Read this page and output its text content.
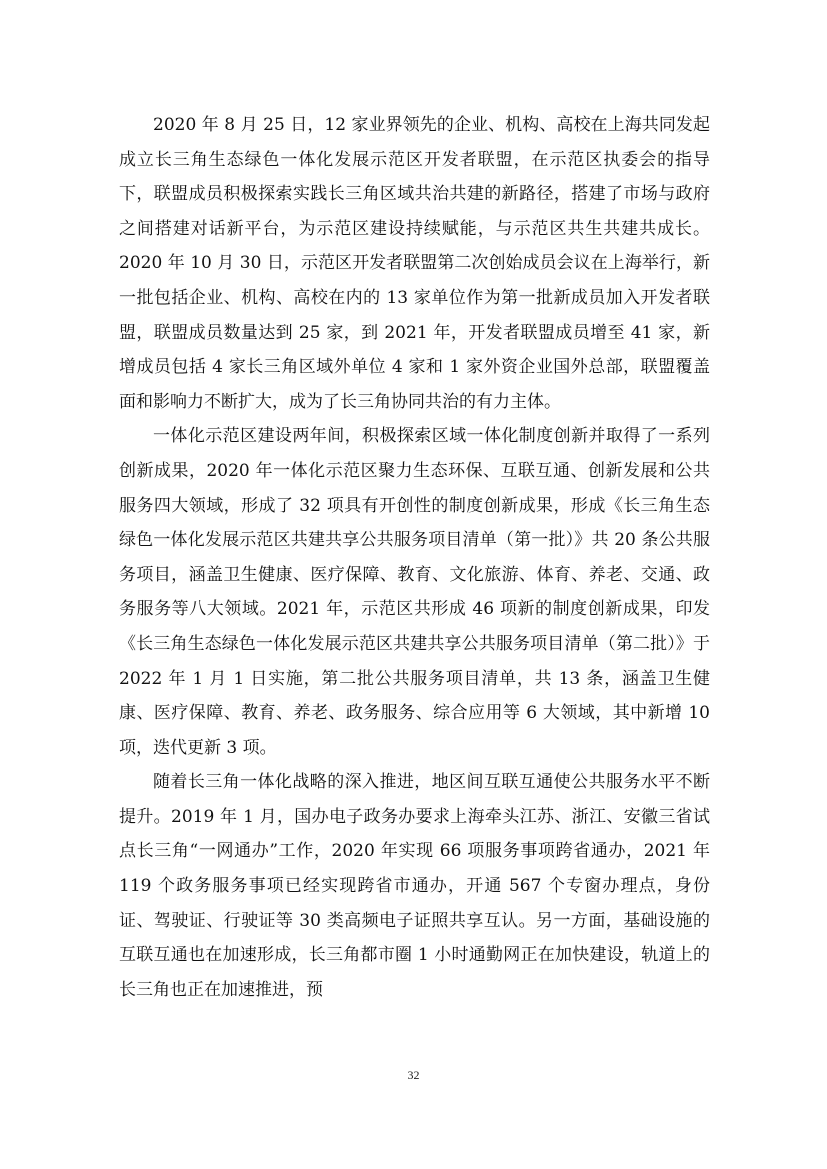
2020 年 8 月 25 日，12 家业界领先的企业、机构、高校在上海共同发起成立长三角生态绿色一体化发展示范区开发者联盟，在示范区执委会的指导下，联盟成员积极探索实践长三角区域共治共建的新路径，搭建了市场与政府之间搭建对话新平台，为示范区建设持续赋能，与示范区共生共建共成长。2020 年 10 月 30 日，示范区开发者联盟第二次创始成员会议在上海举行，新一批包括企业、机构、高校在内的 13 家单位作为第一批新成员加入开发者联盟，联盟成员数量达到 25 家，到 2021 年，开发者联盟成员增至 41 家，新增成员包括 4 家长三角区域外单位 4 家和 1 家外资企业国外总部，联盟覆盖面和影响力不断扩大，成为了长三角协同共治的有力主体。

一体化示范区建设两年间，积极探索区域一体化制度创新并取得了一系列创新成果，2020 年一体化示范区聚力生态环保、互联互通、创新发展和公共服务四大领域，形成了 32 项具有开创性的制度创新成果，形成《长三角生态绿色一体化发展示范区共建共享公共服务项目清单（第一批）》共 20 条公共服务项目，涵盖卫生健康、医疗保障、教育、文化旅游、体育、养老、交通、政务服务等八大领域。2021 年，示范区共形成 46 项新的制度创新成果，印发《长三角生态绿色一体化发展示范区共建共享公共服务项目清单（第二批）》于 2022 年 1 月 1 日实施，第二批公共服务项目清单，共 13 条，涵盖卫生健康、医疗保障、教育、养老、政务服务、综合应用等 6 大领域，其中新增 10 项，迭代更新 3 项。

随着长三角一体化战略的深入推进，地区间互联互通使公共服务水平不断提升。2019 年 1 月，国办电子政务办要求上海牵头江苏、浙江、安徽三省试点长三角“一网通办”工作，2020 年实现 66 项服务事项跨省通办，2021 年 119 个政务服务事项已经实现跨省市通办，开通 567 个专窗办理点，身份证、驾驶证、行驶证等 30 类高频电子证照共享互认。另一方面，基础设施的互联互通也在加速形成，长三角都市圈 1 小时通勤网正在加快建设，轨道上的长三角也正在加速推进，预

32
